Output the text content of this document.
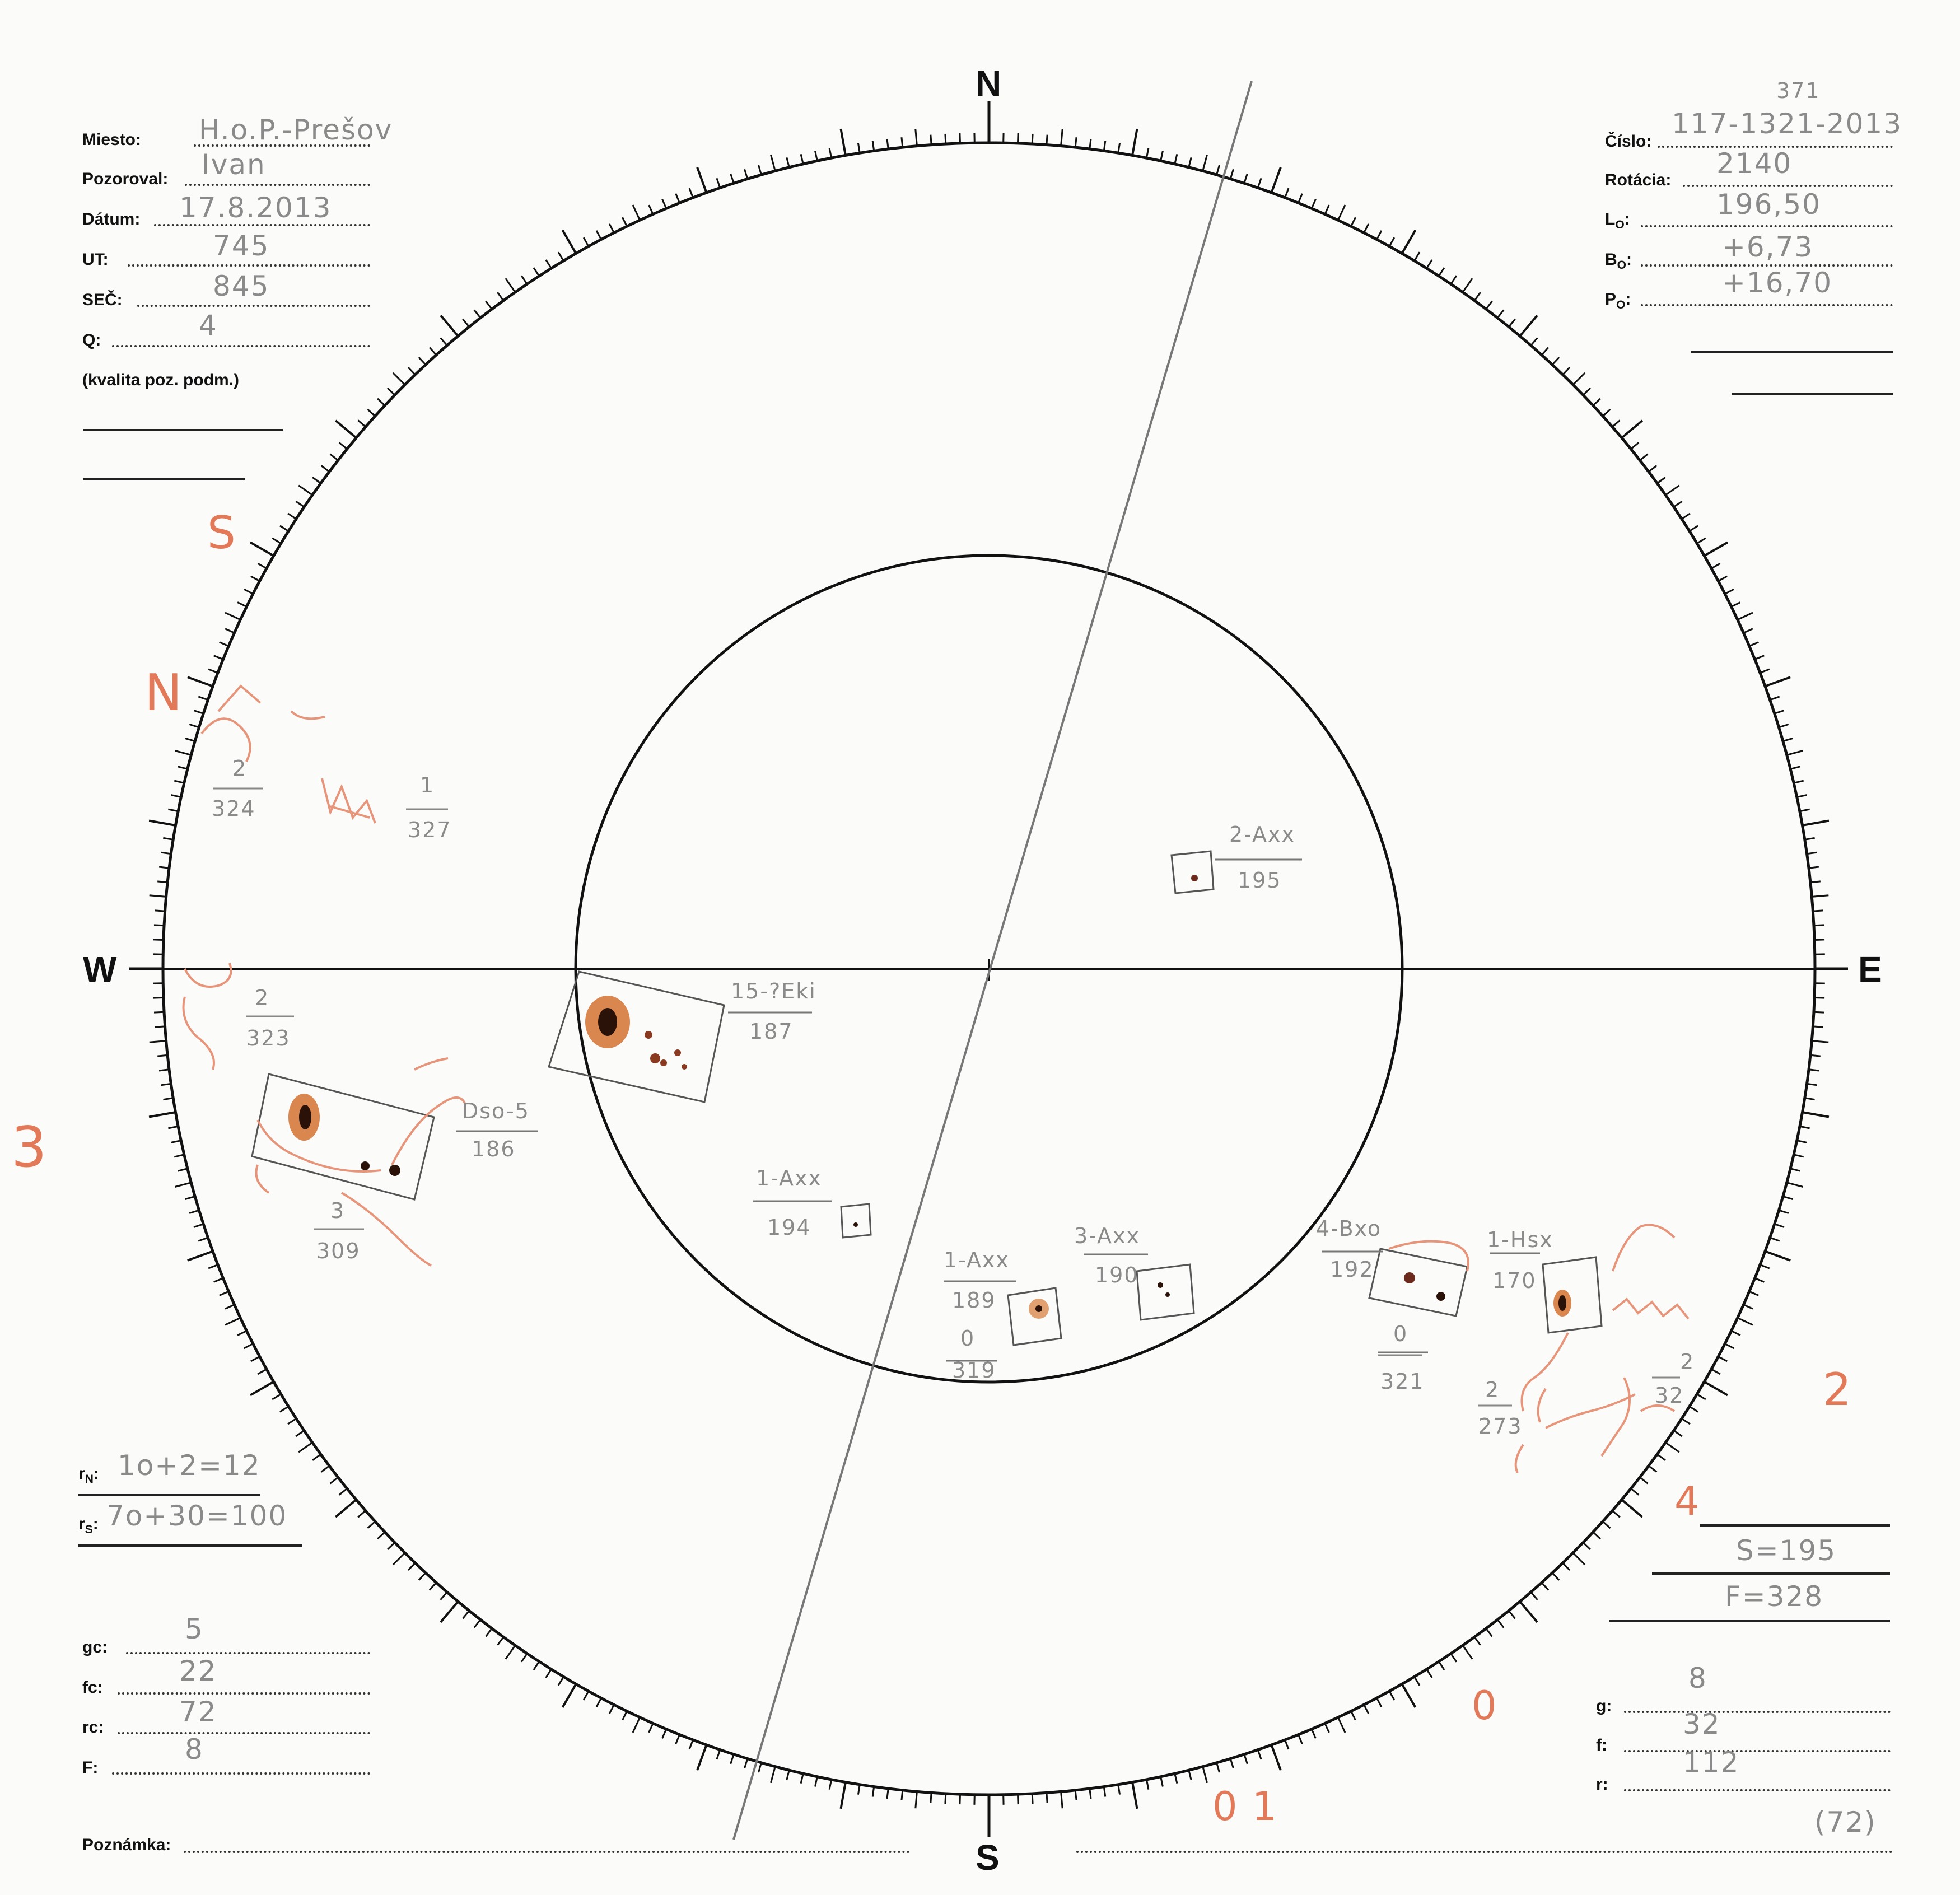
Miesto: H.o.P.-Prešov
Pozoroval: Ivan
Dátum: 17.8.2013
UT:	745
SEČ:	845
Q:	4
(kvalita poz. podm.)
371
Číslo:
117-1321-2013
Rotácia:
2140
$L_O$:	196,50
$B_O$:	+6,73
$P_O$:
+16,70
N
S
W	E
2-Axx
195
15-?Eki
187
Dso-5
186
1-Axx
194
1-Axx
189
3-Axx
190
4-Bxo
192
1-Hsx
170
2
324
1
327
2
323
3
309
0
319
0
321	2
273
2
32
N
S
3
2
4
0
0 1
$r_N$: 1o+2=12
$r_S$: 7o+30=100
gc:
5
fc:
22
rc:	72
F:
8
S=195
F=328
g:
8
f:
32
r:
112
(72)
Poznámka:
